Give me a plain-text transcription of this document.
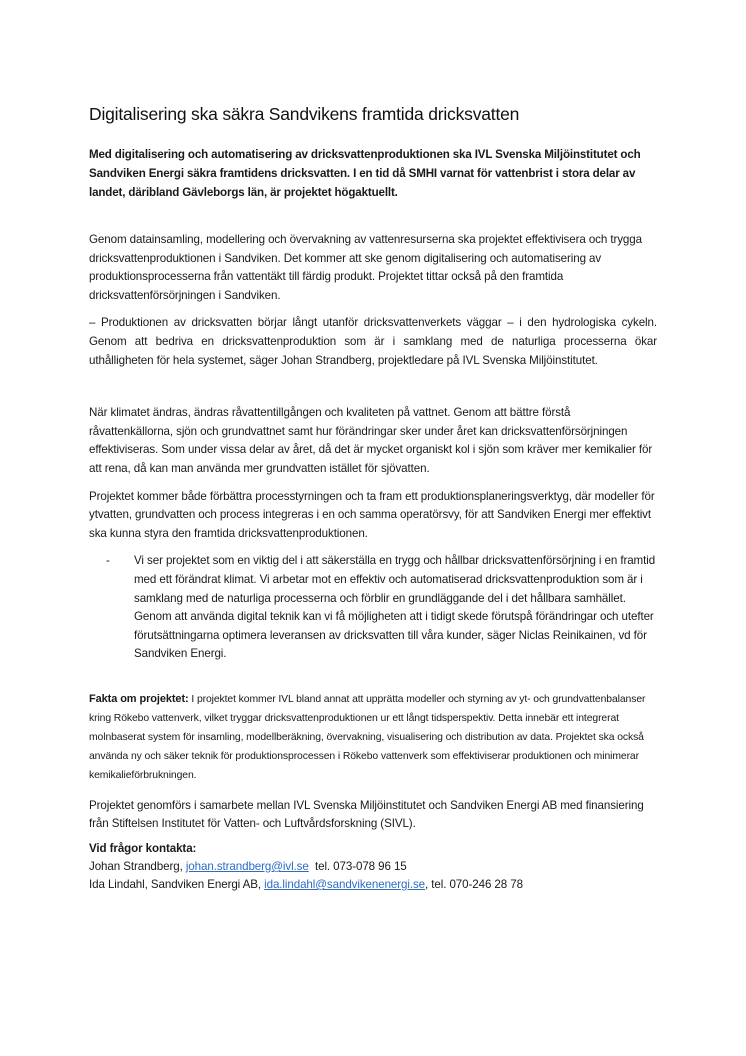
Digitalisering ska säkra Sandvikens framtida dricksvatten

Med digitalisering och automatisering av dricksvattenproduktionen ska IVL Svenska Miljöinstitutet och Sandviken Energi säkra framtidens dricksvatten. I en tid då SMHI varnat för vattenbrist i stora delar av landet, däribland Gävleborgs län, är projektet högaktuellt.

Genom datainsamling, modellering och övervakning av vattenresurserna ska projektet effektivisera och trygga dricksvattenproduktionen i Sandviken. Det kommer att ske genom digitalisering och automatisering av produktionsprocesserna från vattentäkt till färdig produkt. Projektet tittar också på den framtida dricksvattenförsörjningen i Sandviken.

– Produktionen av dricksvatten börjar långt utanför dricksvattenverkets väggar – i den hydrologiska cykeln. Genom att bedriva en dricksvattenproduktion som är i samklang med de naturliga processerna ökar uthålligheten för hela systemet, säger Johan Strandberg, projektledare på IVL Svenska Miljöinstitutet.

När klimatet ändras, ändras råvattentillgången och kvaliteten på vattnet. Genom att bättre förstå råvattenkällorna, sjön och grundvattnet samt hur förändringar sker under året kan dricksvattenförsörjningen effektiviseras. Som under vissa delar av året, då det är mycket organiskt kol i sjön som kräver mer kemikalier för att rena, då kan man använda mer grundvatten istället för sjövatten.

Projektet kommer både förbättra processtyrningen och ta fram ett produktionsplaneringsverktyg, där modeller för ytvatten, grundvatten och process integreras i en och samma operatörsvy, för att Sandviken Energi mer effektivt ska kunna styra den framtida dricksvattenproduktionen.

- Vi ser projektet som en viktig del i att säkerställa en trygg och hållbar dricksvattenförsörjning i en framtid med ett förändrat klimat. Vi arbetar mot en effektiv och automatiserad dricksvattenproduktion som är i samklang med de naturliga processerna och förblir en grundläggande del i det hållbara samhället. Genom att använda digital teknik kan vi få möjligheten att i tidigt skede förutspå förändringar och utefter förutsättningarna optimera leveransen av dricksvatten till våra kunder, säger Niclas Reinikainen, vd för Sandviken Energi.

Fakta om projektet: I projektet kommer IVL bland annat att upprätta modeller och styrning av yt- och grundvattenbalanser kring Rökebo vattenverk, vilket tryggar dricksvattenproduktionen ur ett långt tidsperspektiv. Detta innebär ett integrerat molnbaserat system för insamling, modellberäkning, övervakning, visualisering och distribution av data. Projektet ska också använda ny och säker teknik för produktionsprocessen i Rökebo vattenverk som effektiviserar produktionen och minimerar kemikalieförbrukningen.

Projektet genomförs i samarbete mellan IVL Svenska Miljöinstitutet och Sandviken Energi AB med finansiering från Stiftelsen Institutet för Vatten- och Luftvårdsforskning (SIVL).

Vid frågor kontakta:

Johan Strandberg, johan.strandberg@ivl.se  tel. 073-078 96 15

Ida Lindahl, Sandviken Energi AB, ida.lindahl@sandvikenenergi.se, tel. 070-246 28 78
